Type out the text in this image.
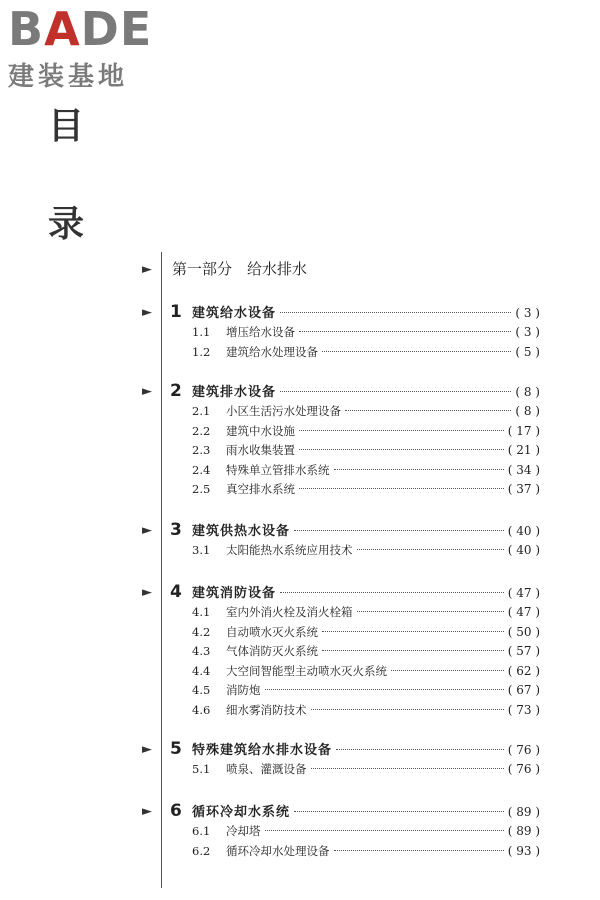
BADE
建装基地
目
录
► 第一部分　给水排水
► 1 建筑给水设备	( 3 )
1.1	增压给水设备	( 3 )
1.2	建筑给水处理设备	( 5 )
► 2 建筑排水设备	( 8 )
2.1	小区生活污水处理设备	( 8 )
2.2	建筑中水设施	( 17 )
2.3	雨水收集装置	( 21 )
2.4	特殊单立管排水系统	( 34 )
2.5	真空排水系统	( 37 )
► 3 建筑供热水设备	( 40 )
3.1	太阳能热水系统应用技术	( 40 )
► 4 建筑消防设备	( 47 )
4.1	室内外消火栓及消火栓箱	( 47 )
4.2	自动喷水灭火系统	( 50 )
4.3	气体消防灭火系统	( 57 )
4.4	大空间智能型主动喷水灭火系统	( 62 )
4.5	消防炮	( 67 )
4.6	细水雾消防技术	( 73 )
► 5 特殊建筑给水排水设备	( 76 )
5.1	喷泉、灌溉设备	( 76 )
► 6 循环冷却水系统	( 89 )
6.1	冷却塔	( 89 )
6.2	循环冷却水处理设备	( 93 )
